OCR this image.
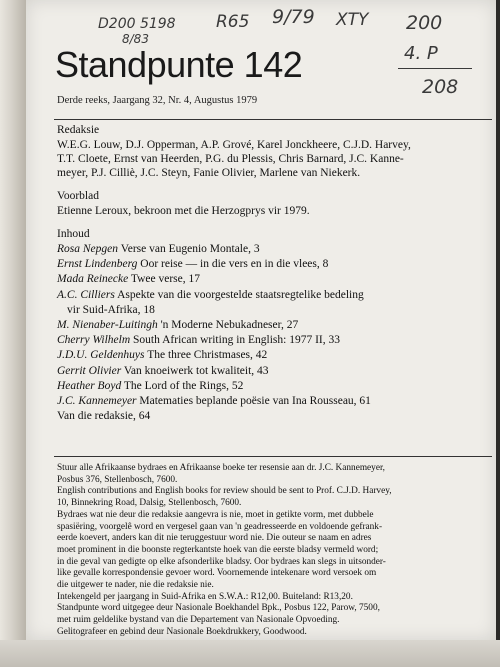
D200 5198
8/83
R65 9/79 XTY 200
4. P
208
Standpunte 142
Derde reeks, Jaargang 32, Nr. 4, Augustus 1979
Redaksie
W.E.G. Louw, D.J. Opperman, A.P. Grové, Karel Jonckheere, C.J.D. Harvey,
T.T. Cloete, Ernst van Heerden, P.G. du Plessis, Chris Barnard, J.C. Kanne-
meyer, P.J. Cilliè, J.C. Steyn, Fanie Olivier, Marlene van Niekerk.
Voorblad
Etienne Leroux, bekroon met die Herzogprys vir 1979.
Inhoud
Rosa Nepgen Verse van Eugenio Montale, 3
Ernst Lindenberg Oor reise — in die vers en in die vlees, 8
Mada Reinecke Twee verse, 17
A.C. Cilliers Aspekte van die voorgestelde staatsregtelike bedeling
vir Suid-Afrika, 18
M. Nienaber-Luitingh 'n Moderne Nebukadneser, 27
Cherry Wilhelm South African writing in English: 1977 II, 33
J.D.U. Geldenhuys The three Christmases, 42
Gerrit Olivier Van knoeiwerk tot kwaliteit, 43
Heather Boyd The Lord of the Rings, 52
J.C. Kannemeyer Matematies beplande poësie van Ina Rousseau, 61
Van die redaksie, 64
Stuur alle Afrikaanse bydraes en Afrikaanse boeke ter resensie aan dr. J.C. Kannemeyer,
Posbus 376, Stellenbosch, 7600.
English contributions and English books for review should be sent to Prof. C.J.D. Harvey,
10, Binnekring Road, Dalsig, Stellenbosch, 7600.
Bydraes wat nie deur die redaksie aangevra is nie, moet in getikte vorm, met dubbele
spasiëring, voorgelê word en vergesel gaan van 'n geadresseerde en voldoende gefrank-
eerde koevert, anders kan dit nie teruggestuur word nie. Die outeur se naam en adres
moet prominent in die boonste regterkantste hoek van die eerste bladsy vermeld word;
in die geval van gedigte op elke afsonderlike bladsy. Oor bydraes kan slegs in uitsonder-
like gevalle korrespondensie gevoer word. Voornemende intekenare word versoek om
die uitgewer te nader, nie die redaksie nie.
Intekengeld per jaargang in Suid-Afrika en S.W.A.: R12,00. Buiteland: R13,20.
Standpunte word uitgegee deur Nasionale Boekhandel Bpk., Posbus 122, Parow, 7500,
met ruim geldelike bystand van die Departement van Nasionale Opvoeding.
Gelitografeer en gebind deur Nasionale Boekdrukkery, Goodwood.
